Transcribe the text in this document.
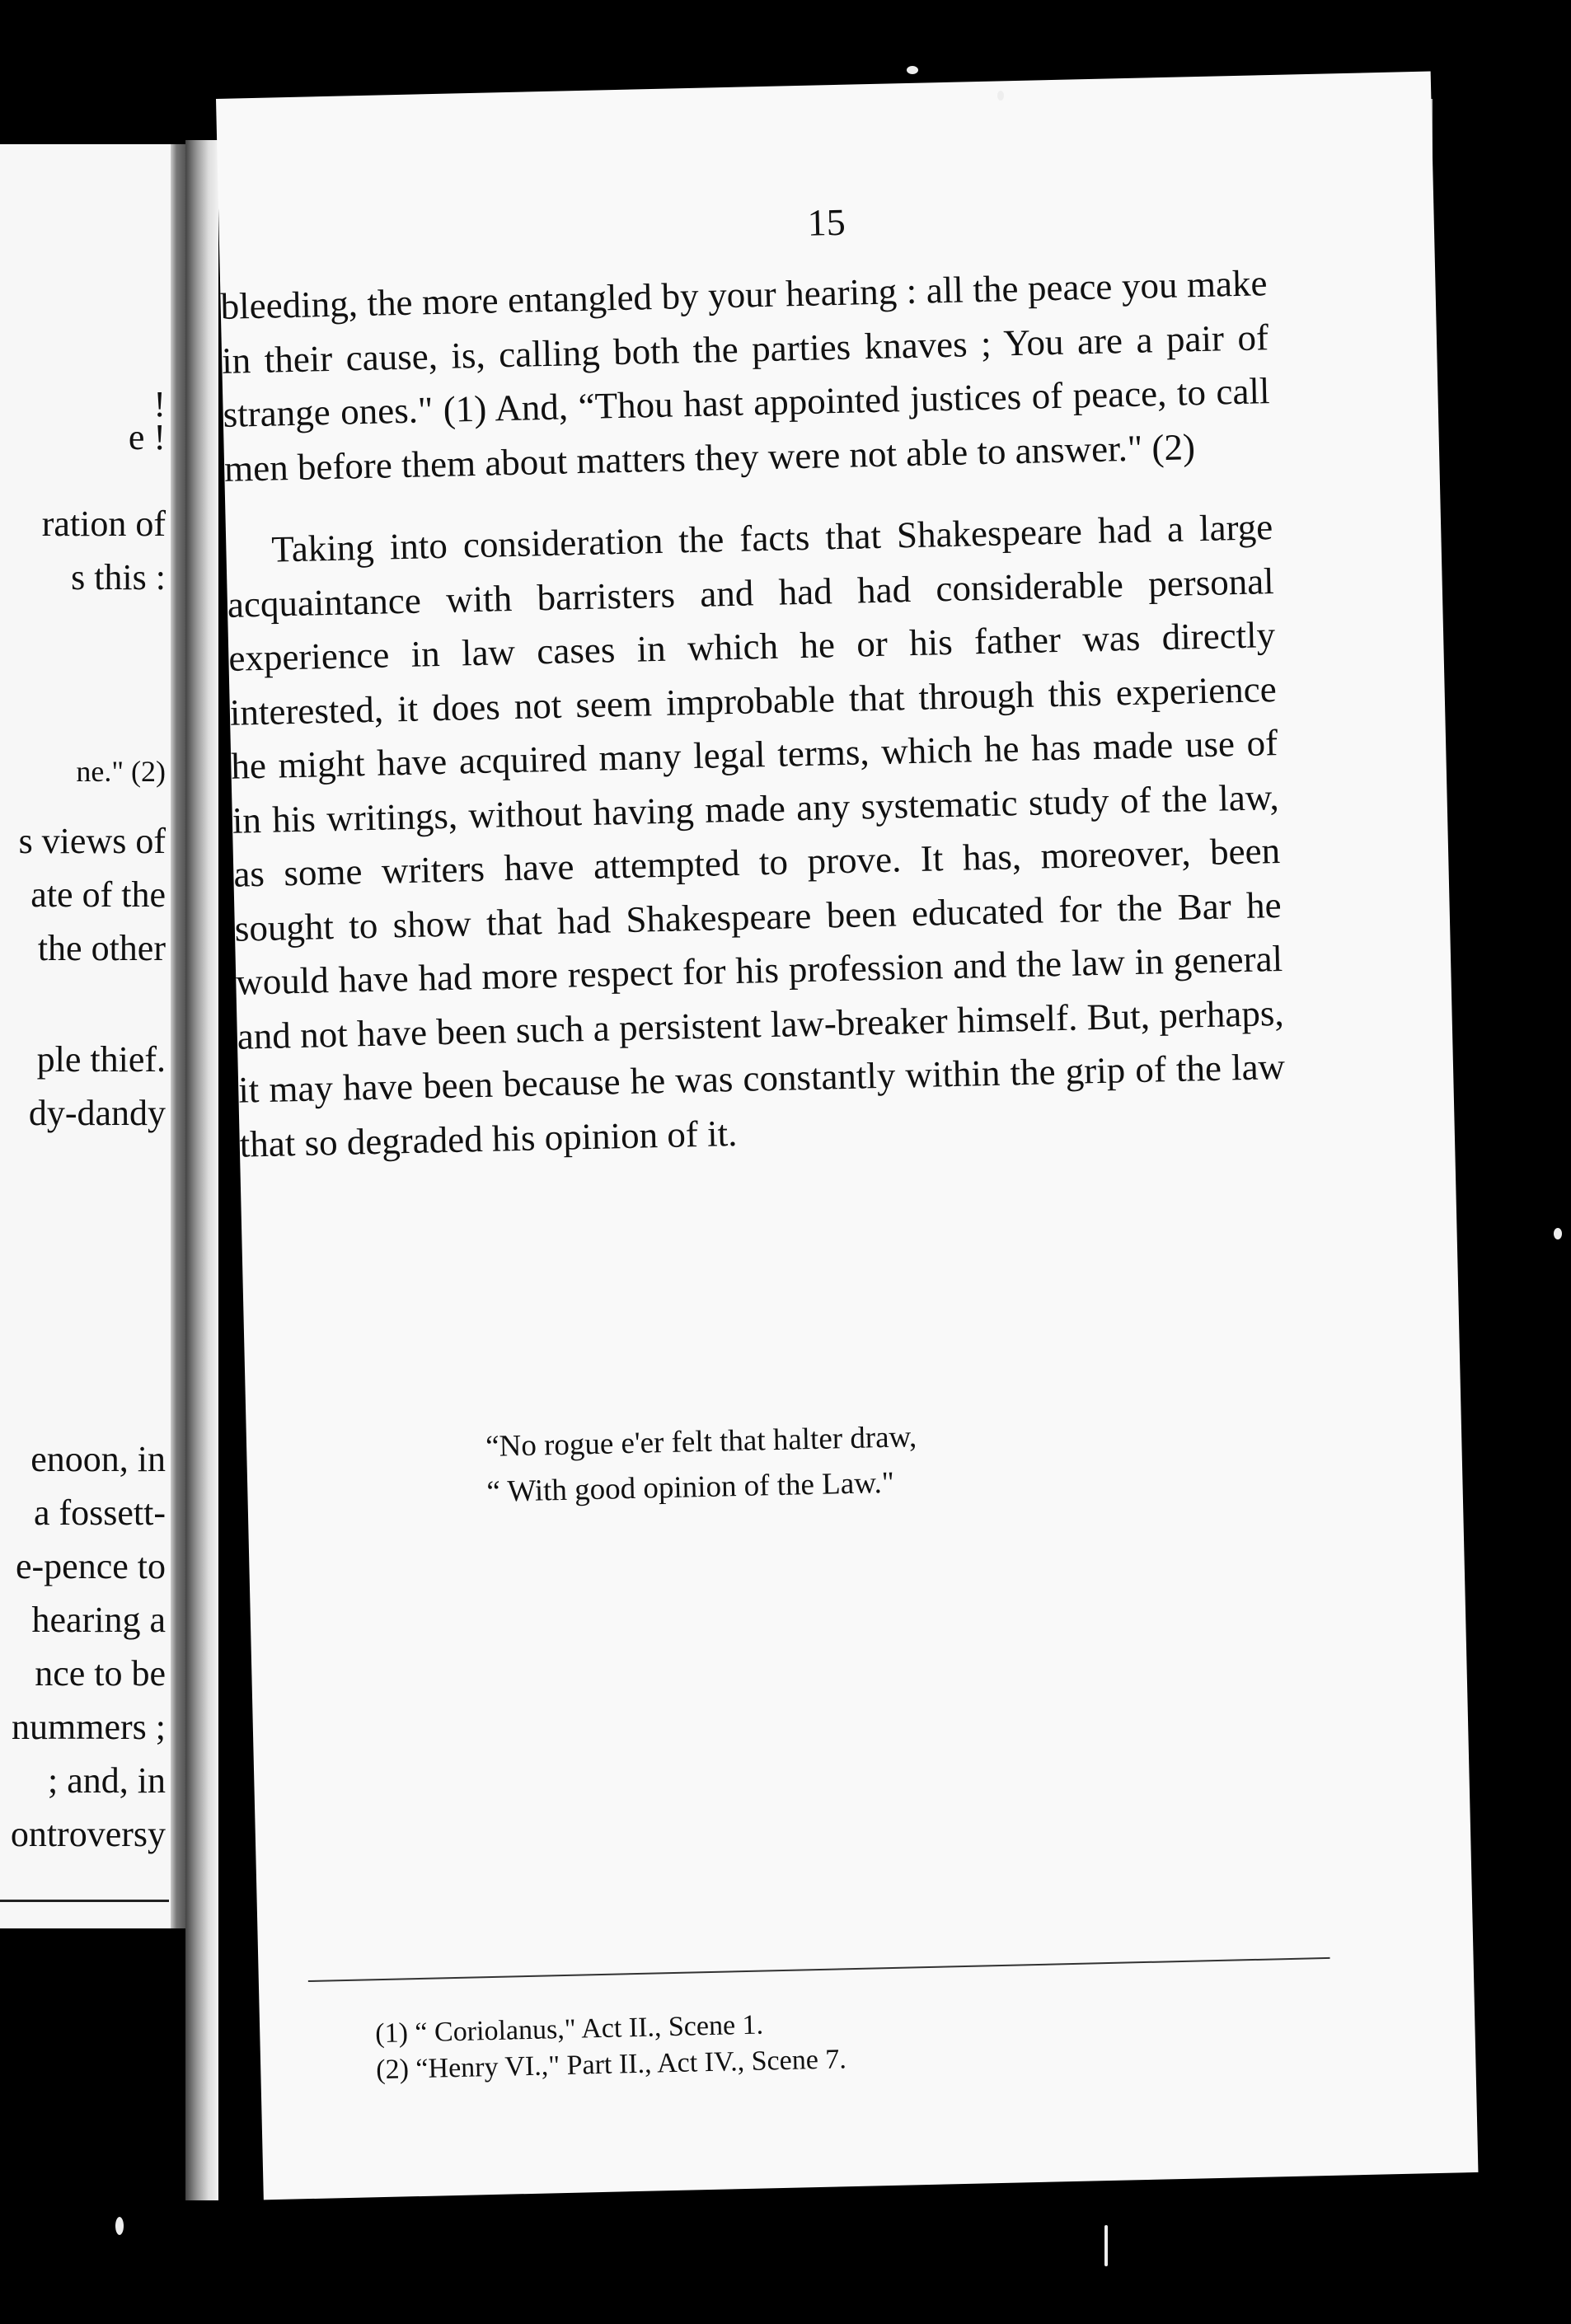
!
e !
ration of
s this :
ne." (2)
s views of
ate of the
the other
ple thief.
dy-dandy
enoon, in
a fossett-
e-pence to
hearing a
nce to be
nummers ;
; and, in
ontroversy
15

bleeding, the more entangled by your hearing : all the peace you make in their cause, is, calling both the parties knaves ; You are a pair of strange ones." (1) And, “Thou hast appointed justices of peace, to call men before them about matters they were not able to answer." (2)

Taking into consideration the facts that Shakespeare had a large acquaintance with barristers and had had considerable personal experience in law cases in which he or his father was directly interested, it does not seem improbable that through this experience he might have acquired many legal terms, which he has made use of in his writings, without having made any systematic study of the law, as some writers have attempted to prove. It has, moreover, been sought to show that had Shakespeare been educated for the Bar he would have had more respect for his profession and the law in general and not have been such a persistent law-breaker himself. But, perhaps, it may have been because he was constantly within the grip of the law that so degraded his opinion of it.

“No rogue e'er felt that halter draw,
“ With good opinion of the Law."
(1) “ Coriolanus," Act II., Scene 1.
(2) “Henry VI.," Part II., Act IV., Scene 7.
